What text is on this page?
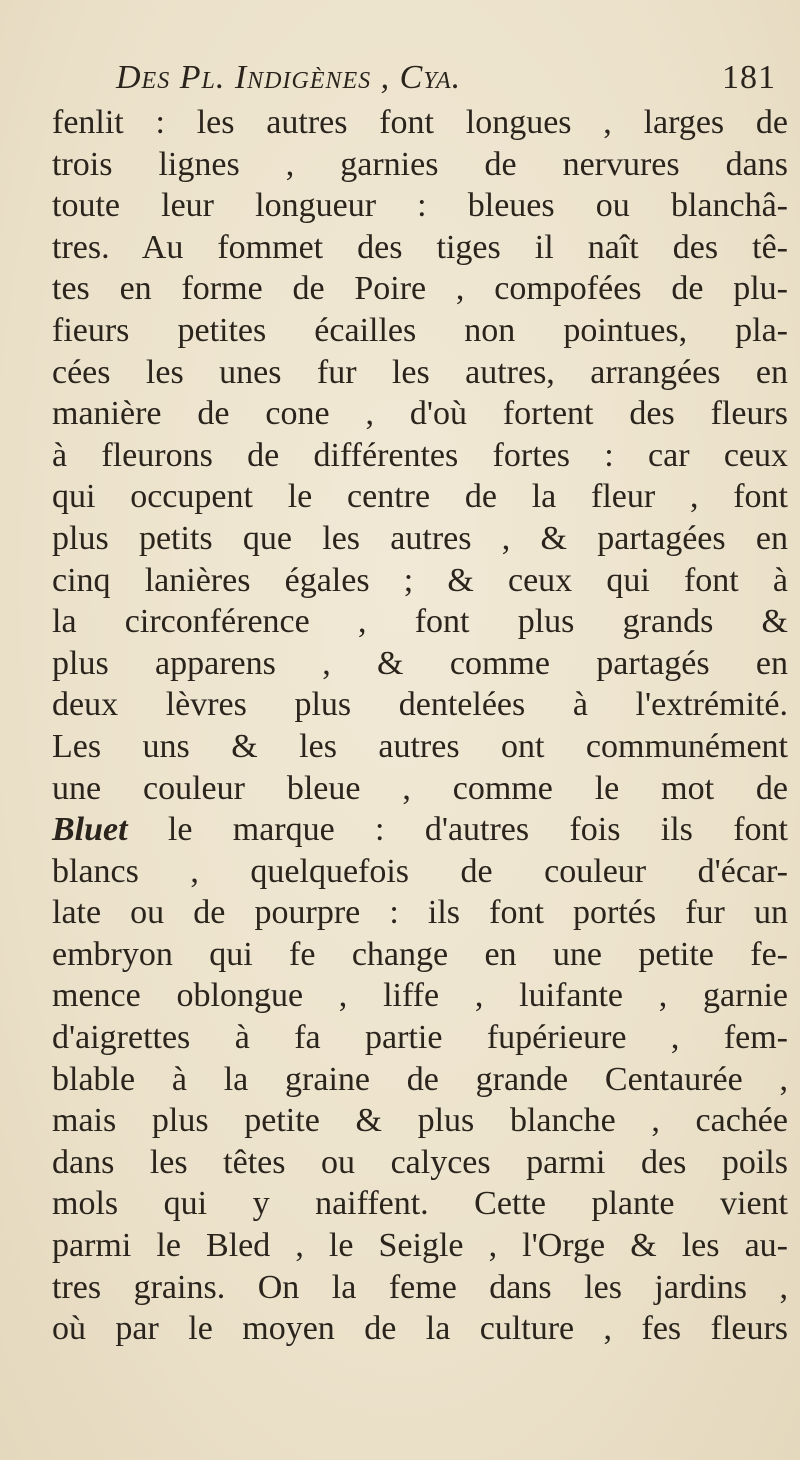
Des Pl. Indigènes , Cya.	181
fenlit : les autres font longues , larges de
trois lignes , garnies de nervures dans
toute leur longueur : bleues ou blanchâ-
tres. Au fommet des tiges il naît des tê-
tes en forme de Poire , compofées de plu-
fieurs petites écailles non pointues, pla-
cées les unes fur les autres, arrangées en
manière de cone , d'où fortent des fleurs
à fleurons de différentes fortes : car ceux
qui occupent le centre de la fleur , font
plus petits que les autres , & partagées en
cinq lanières égales ; & ceux qui font à
la circonférence , font plus grands &
plus apparens , & comme partagés en
deux lèvres plus dentelées à l'extrémité.
Les uns & les autres ont communément
une couleur bleue , comme le mot de
Bluet le marque : d'autres fois ils font
blancs , quelquefois de couleur d'écar-
late ou de pourpre : ils font portés fur un
embryon qui fe change en une petite fe-
mence oblongue , liffe , luifante , garnie
d'aigrettes à fa partie fupérieure , fem-
blable à la graine de grande Centaurée ,
mais plus petite & plus blanche , cachée
dans les têtes ou calyces parmi des poils
mols qui y naiffent. Cette plante vient
parmi le Bled , le Seigle , l'Orge & les au-
tres grains. On la feme dans les jardins ,
où par le moyen de la culture , fes fleurs
